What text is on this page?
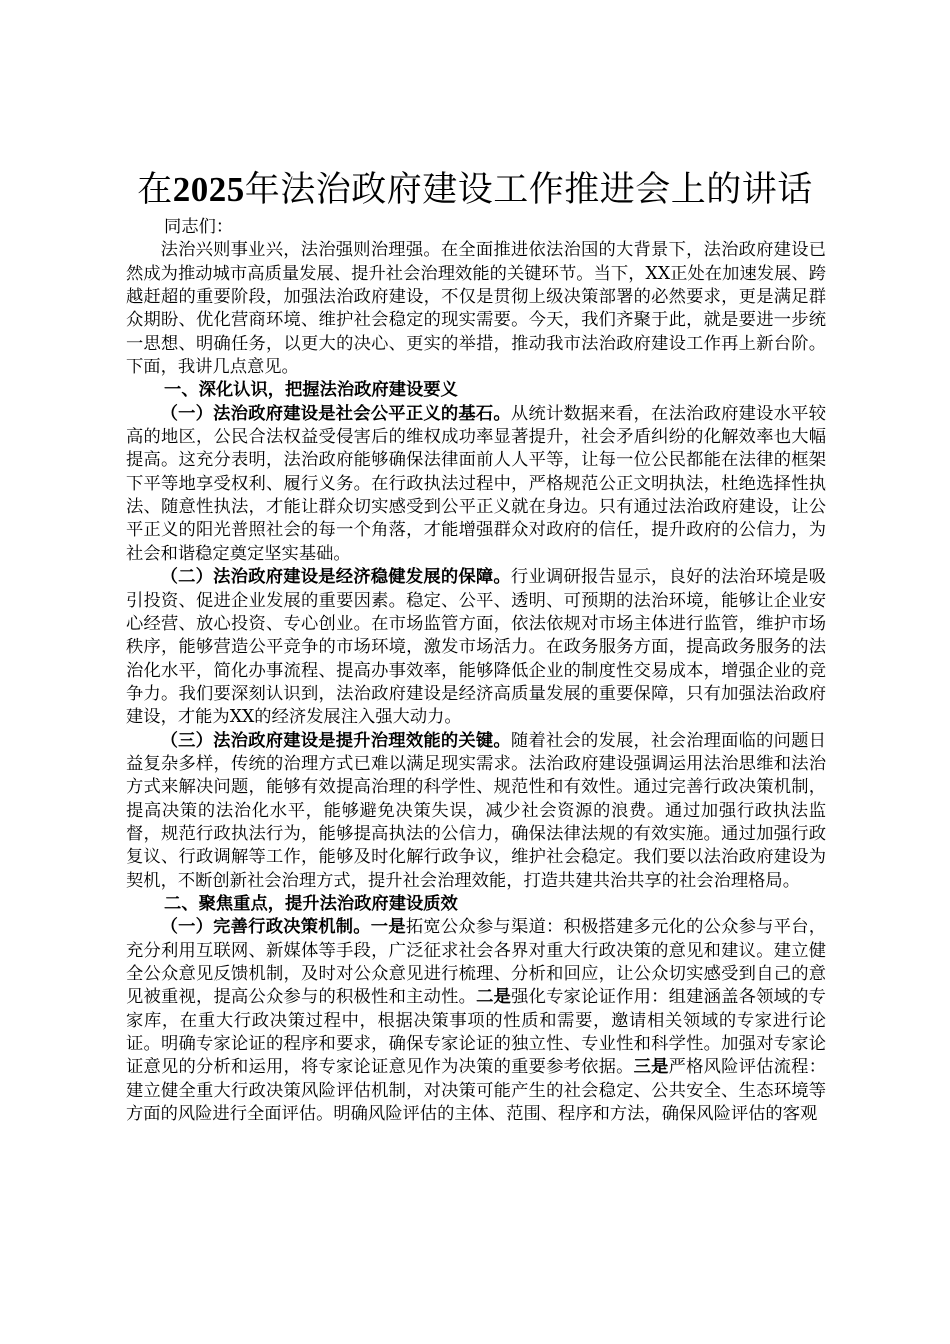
在2025年法治政府建设工作推进会上的讲话

同志们：

法治兴则事业兴，法治强则治理强。在全面推进依法治国的大背景下，法治政府建设已然成为推动城市高质量发展、提升社会治理效能的关键环节。当下，XX正处在加速发展、跨越赶超的重要阶段，加强法治政府建设，不仅是贯彻上级决策部署的必然要求，更是满足群众期盼、优化营商环境、维护社会稳定的现实需要。今天，我们齐聚于此，就是要进一步统一思想、明确任务，以更大的决心、更实的举措，推动我市法治政府建设工作再上新台阶。下面，我讲几点意见。

一、深化认识，把握法治政府建设要义

（一）法治政府建设是社会公平正义的基石。从统计数据来看，在法治政府建设水平较高的地区，公民合法权益受侵害后的维权成功率显著提升，社会矛盾纠纷的化解效率也大幅提高。这充分表明，法治政府能够确保法律面前人人平等，让每一位公民都能在法律的框架下平等地享受权利、履行义务。在行政执法过程中，严格规范公正文明执法，杜绝选择性执法、随意性执法，才能让群众切实感受到公平正义就在身边。只有通过法治政府建设，让公平正义的阳光普照社会的每一个角落，才能增强群众对政府的信任，提升政府的公信力，为社会和谐稳定奠定坚实基础。

（二）法治政府建设是经济稳健发展的保障。行业调研报告显示，良好的法治环境是吸引投资、促进企业发展的重要因素。稳定、公平、透明、可预期的法治环境，能够让企业安心经营、放心投资、专心创业。在市场监管方面，依法依规对市场主体进行监管，维护市场秩序，能够营造公平竞争的市场环境，激发市场活力。在政务服务方面，提高政务服务的法治化水平，简化办事流程、提高办事效率，能够降低企业的制度性交易成本，增强企业的竞争力。我们要深刻认识到，法治政府建设是经济高质量发展的重要保障，只有加强法治政府建设，才能为XX的经济发展注入强大动力。

（三）法治政府建设是提升治理效能的关键。随着社会的发展，社会治理面临的问题日益复杂多样，传统的治理方式已难以满足现实需求。法治政府建设强调运用法治思维和法治方式来解决问题，能够有效提高治理的科学性、规范性和有效性。通过完善行政决策机制，提高决策的法治化水平，能够避免决策失误，减少社会资源的浪费。通过加强行政执法监督，规范行政执法行为，能够提高执法的公信力，确保法律法规的有效实施。通过加强行政复议、行政调解等工作，能够及时化解行政争议，维护社会稳定。我们要以法治政府建设为契机，不断创新社会治理方式，提升社会治理效能，打造共建共治共享的社会治理格局。

二、聚焦重点，提升法治政府建设质效

（一）完善行政决策机制。一是拓宽公众参与渠道：积极搭建多元化的公众参与平台，充分利用互联网、新媒体等手段，广泛征求社会各界对重大行政决策的意见和建议。建立健全公众意见反馈机制，及时对公众意见进行梳理、分析和回应，让公众切实感受到自己的意见被重视，提高公众参与的积极性和主动性。二是强化专家论证作用：组建涵盖各领域的专家库，在重大行政决策过程中，根据决策事项的性质和需要，邀请相关领域的专家进行论证。明确专家论证的程序和要求，确保专家论证的独立性、专业性和科学性。加强对专家论证意见的分析和运用，将专家论证意见作为决策的重要参考依据。三是严格风险评估流程：建立健全重大行政决策风险评估机制，对决策可能产生的社会稳定、公共安全、生态环境等方面的风险进行全面评估。明确风险评估的主体、范围、程序和方法，确保风险评估的客观
